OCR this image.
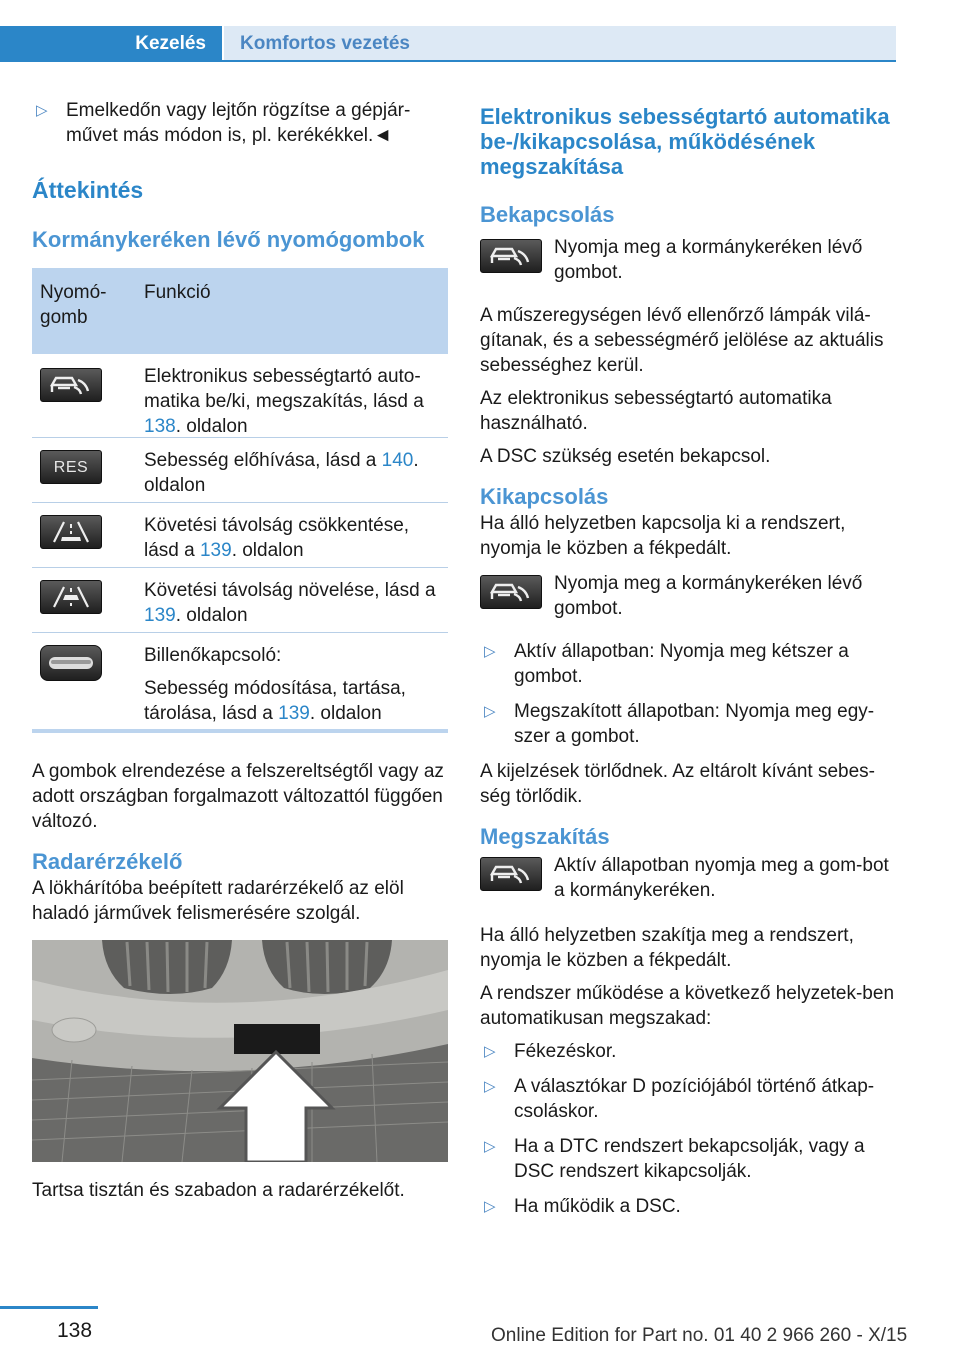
Kezelés Komfortos vezetés
▷ Emelkedőn vagy lejtőn rögzítse a gépjár-művet más módon is, pl. kerékékkel.◄

Áttekintés

Kormánykeréken lévő nyomógombok

Nyomó-gomb
Funkció
Elektronikus sebességtartó auto-matika be/ki, megszakítás, lásd a 138. oldalon
RES	Sebesség előhívása, lásd a 140. oldalon
Követési távolság csökkentése, lásd a 139. oldalon
Követési távolság növelése, lásd a 139. oldalon

Billenőkapcsoló:

Sebesség módosítása, tartása, tárolása, lásd a 139. oldalon

A gombok elrendezése a felszereltségtől vagy az adott országban forgalmazott változattól függően változó.

Radarérzékelő

A lökhárítóba beépített radarérzékelő az elöl haladó járművek felismerésére szolgál.

Tartsa tisztán és szabadon a radarérzékelőt.

Elektronikus sebességtartó automatika be-/kikapcsolása, működésének megszakítása

Bekapcsolás

Nyomja meg a kormánykeréken lévő gombot.

A műszeregységen lévő ellenőrző lámpák vilá-gítanak, és a sebességmérő jelölése az aktuális sebességhez kerül.

Az elektronikus sebességtartó automatika használható.

A DSC szükség esetén bekapcsol.

Kikapcsolás

Ha álló helyzetben kapcsolja ki a rendszert, nyomja le közben a fékpedált.

Nyomja meg a kormánykeréken lévő gombot.

▷ Aktív állapotban: Nyomja meg kétszer a gombot.
▷ Megszakított állapotban: Nyomja meg egy-szer a gombot.

A kijelzések törlődnek. Az eltárolt kívánt sebes-ség törlődik.

Megszakítás

Aktív állapotban nyomja meg a gom-bot a kormánykeréken.

Ha álló helyzetben szakítja meg a rendszert, nyomja le közben a fékpedált.

A rendszer működése a következő helyzetek-ben automatikusan megszakad:

▷ Fékezéskor.
▷ A választókar D pozíciójából történő átkap-csoláskor.
▷ Ha a DTC rendszert bekapcsolják, vagy a DSC rendszert kikapcsolják.
▷ Ha működik a DSC.
138	Online Edition for Part no. 01 40 2 966 260 - X/15
